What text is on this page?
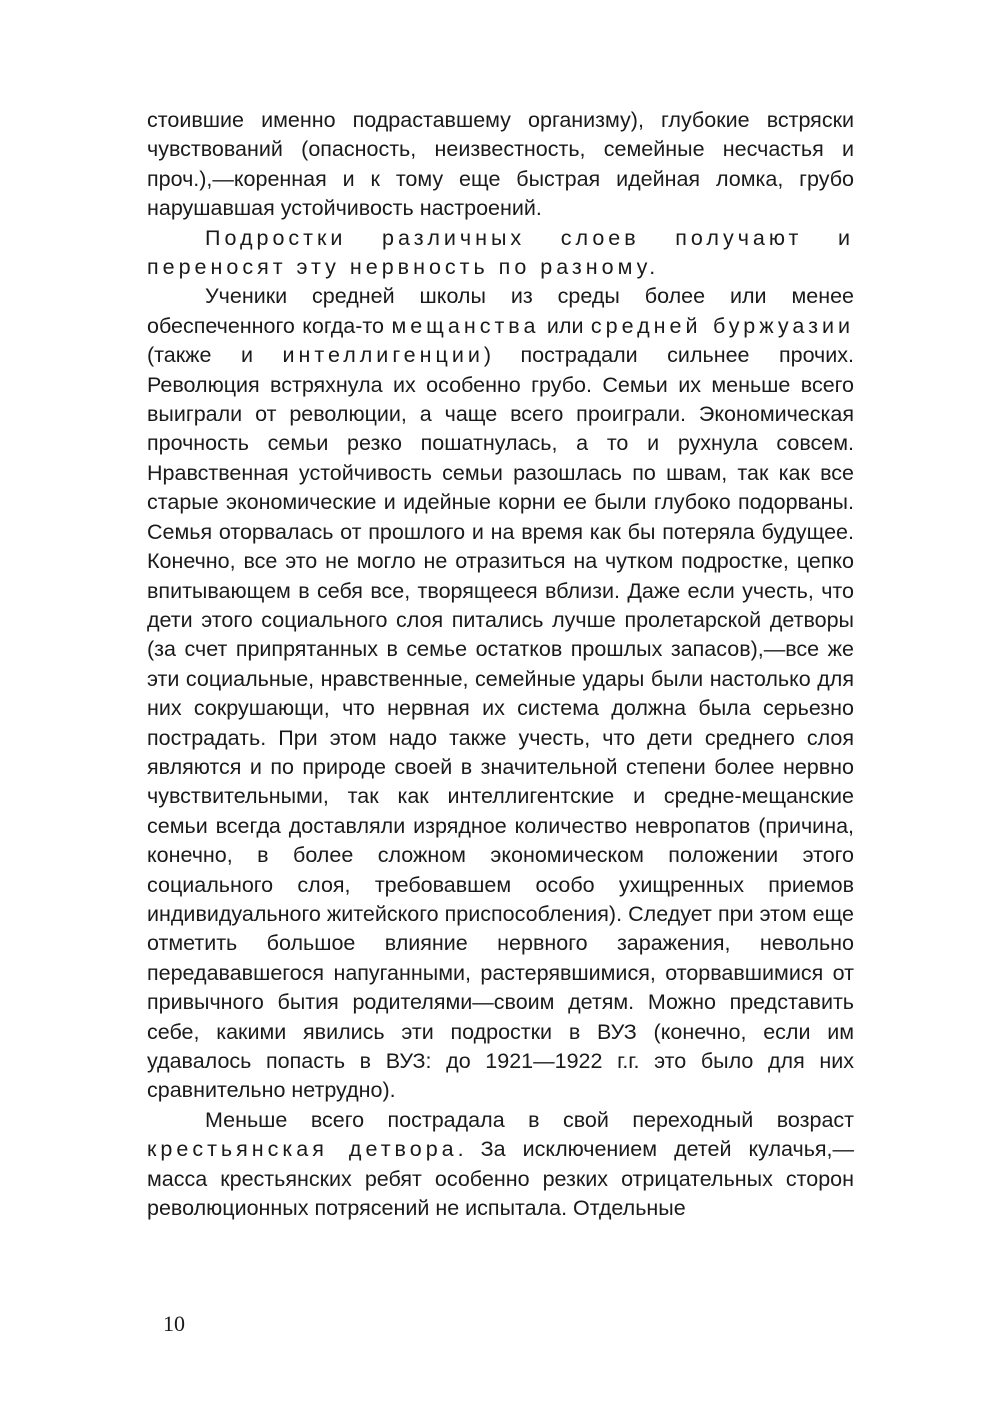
стоившие именно подраставшему организму), глубокие встряски чувствований (опасность, неизвестность, семейные несчастья и проч.),—коренная и к тому еще быстрая идейная ломка, грубо нарушавшая устойчивость настроений.

Подростки различных слоев получают и переносят эту нервность по разному.

Ученики средней школы из среды более или менее обеспеченного когда-то мещанства или средней буржуазии (также и интеллигенции) пострадали сильнее прочих. Революция встряхнула их особенно грубо. Семьи их меньше всего выиграли от революции, а чаще всего проиграли. Экономическая прочность семьи резко пошатнулась, а то и рухнула совсем. Нравственная устойчивость семьи разошлась по швам, так как все старые экономические и идейные корни ее были глубоко подорваны. Семья оторвалась от прошлого и на время как бы потеряла будущее. Конечно, все это не могло не отразиться на чутком подростке, цепко впитывающем в себя все, творящееся вблизи. Даже если учесть, что дети этого социального слоя питались лучше пролетарской детворы (за счет припрятанных в семье остатков прошлых запасов),—все же эти социальные, нравственные, семейные удары были настолько для них сокрушающи, что нервная их система должна была серьезно пострадать. При этом надо также учесть, что дети среднего слоя являются и по природе своей в значительной степени более нервно чувствительными, так как интеллигентские и средне-мещанские семьи всегда доставляли изрядное количество невропатов (причина, конечно, в более сложном экономическом положении этого социального слоя, требовавшем особо ухищренных приемов индивидуального житейского приспособления). Следует при этом еще отметить большое влияние нервного заражения, невольно передававшегося напуганными, растерявшимися, оторвавшимися от привычного бытия родителями—своим детям. Можно представить себе, какими явились эти подростки в ВУЗ (конечно, если им удавалось попасть в ВУЗ: до 1921—1922 г.г. это было для них сравнительно нетрудно).

Меньше всего пострадала в свой переходный возраст крестьянская детвора. За исключением детей кулачья,—масса крестьянских ребят особенно резких отрицательных сторон революционных потрясений не испытала. Отдельные

10
